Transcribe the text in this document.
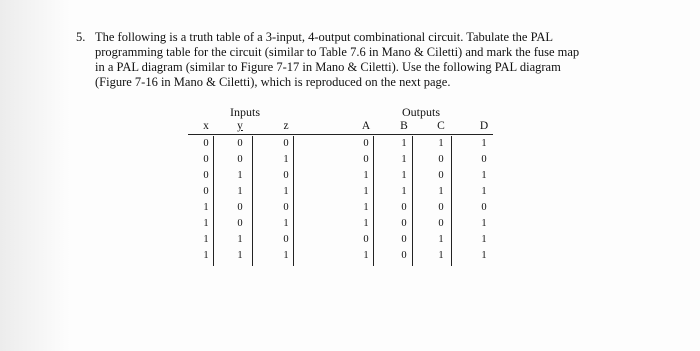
5. The following is a truth table of a 3-input, 4-output combinational circuit. Tabulate the PAL
programming table for the circuit (similar to Table 7.6 in Mano & Ciletti) and mark the fuse map
in a PAL diagram (similar to Figure 7-17 in Mano & Ciletti). Use the following PAL diagram
(Figure 7-16 in Mano & Ciletti), which is reproduced on the next page.
Inputs	Outputs
x	y	z	A	B	C	D
0	0	0	0	1	1	1
0	0	1	0	1	0	0
0	1	0	1	1	0	1
0	1	1	1	1	1	1
1	0	0	1	0	0	0
1	0	1	1	0	0	1
1	1	0	0	0	1	1
1	1	1	1	0	1	1
